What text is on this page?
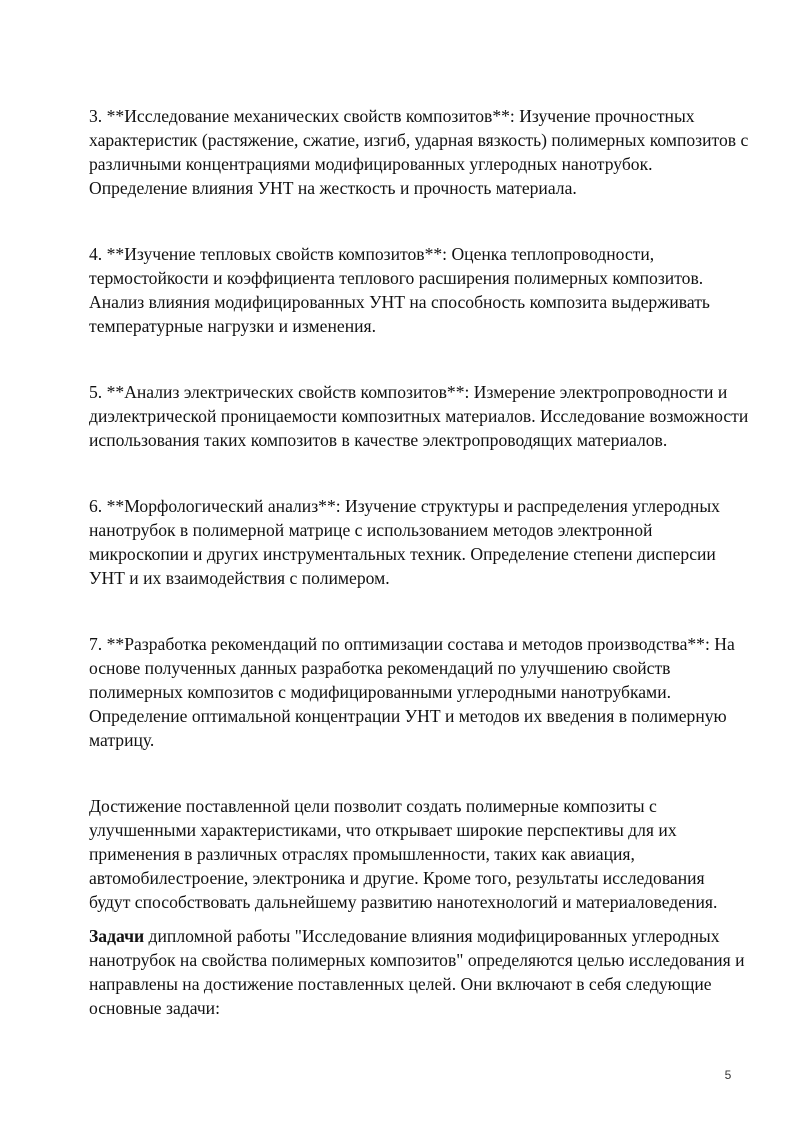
3. **Исследование механических свойств композитов**: Изучение прочностных характеристик (растяжение, сжатие, изгиб, ударная вязкость) полимерных композитов с различными концентрациями модифицированных углеродных нанотрубок. Определение влияния УНТ на жесткость и прочность материала.

4. **Изучение тепловых свойств композитов**: Оценка теплопроводности, термостойкости и коэффициента теплового расширения полимерных композитов. Анализ влияния модифицированных УНТ на способность композита выдерживать температурные нагрузки и изменения.

5. **Анализ электрических свойств композитов**: Измерение электропроводности и диэлектрической проницаемости композитных материалов. Исследование возможности использования таких композитов в качестве электропроводящих материалов.

6. **Морфологический анализ**: Изучение структуры и распределения углеродных нанотрубок в полимерной матрице с использованием методов электронной микроскопии и других инструментальных техник. Определение степени дисперсии УНТ и их взаимодействия с полимером.

7. **Разработка рекомендаций по оптимизации состава и методов производства**: На основе полученных данных разработка рекомендаций по улучшению свойств полимерных композитов с модифицированными углеродными нанотрубками. Определение оптимальной концентрации УНТ и методов их введения в полимерную матрицу.

Достижение поставленной цели позволит создать полимерные композиты с улучшенными характеристиками, что открывает широкие перспективы для их применения в различных отраслях промышленности, таких как авиация, автомобилестроение, электроника и другие. Кроме того, результаты исследования будут способствовать дальнейшему развитию нанотехнологий и материаловедения.

Задачи дипломной работы "Исследование влияния модифицированных углеродных нанотрубок на свойства полимерных композитов" определяются целью исследования и направлены на достижение поставленных целей. Они включают в себя следующие основные задачи:

5
